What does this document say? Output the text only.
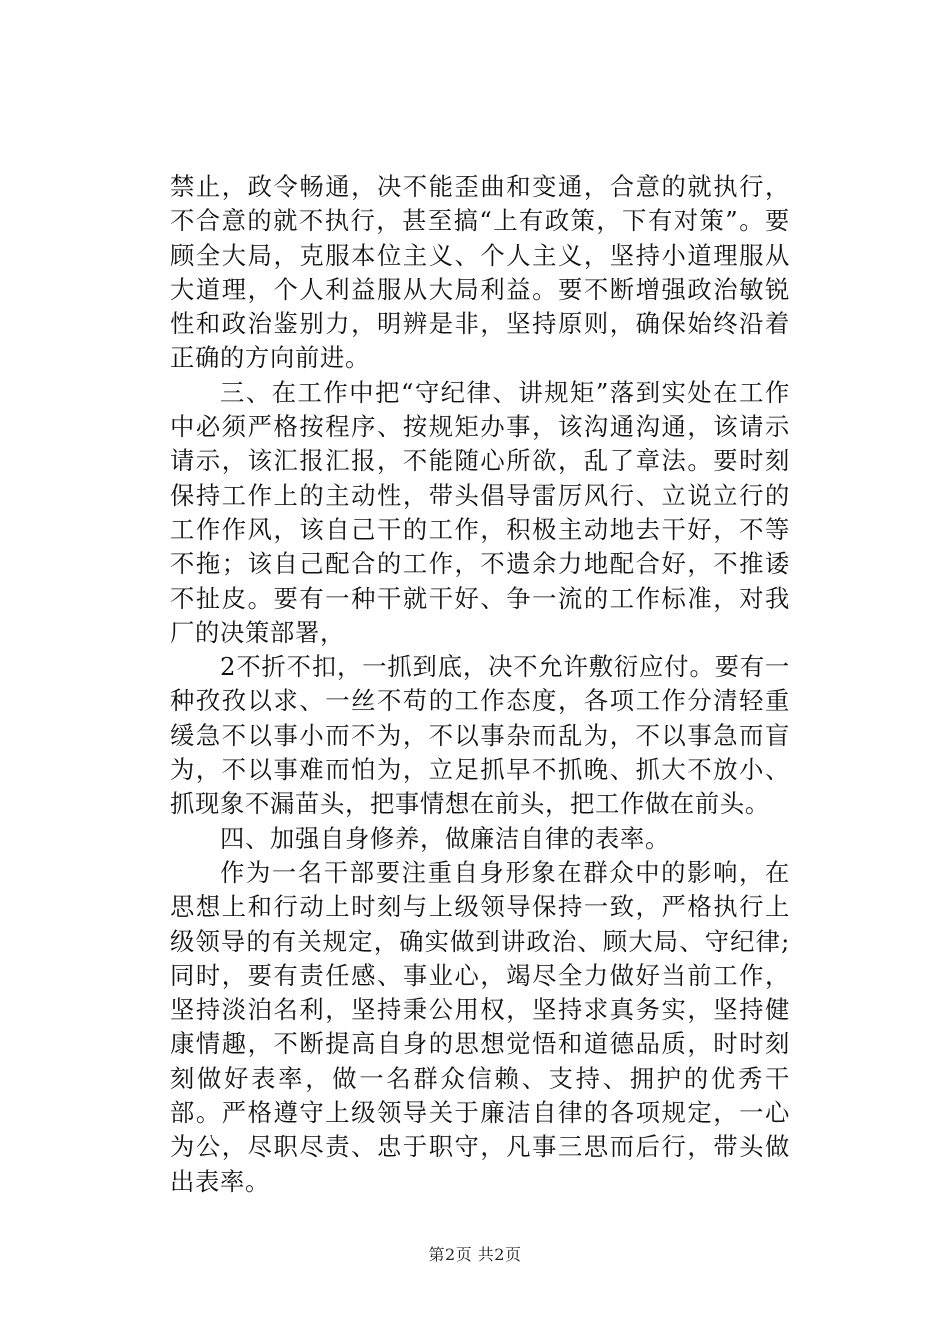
禁止，政令畅通，决不能歪曲和变通，合意的就执行，不合意的就不执行，甚至搞“上有政策，下有对策”。要顾全大局，克服本位主义、个人主义，坚持小道理服从大道理，个人利益服从大局利益。要不断增强政治敏锐性和政治鉴别力，明辨是非，坚持原则，确保始终沿着正确的方向前进。

三、在工作中把“守纪律、讲规矩”落到实处在工作中必须严格按程序、按规矩办事，该沟通沟通，该请示请示，该汇报汇报，不能随心所欲，乱了章法。要时刻保持工作上的主动性，带头倡导雷厉风行、立说立行的工作作风，该自己干的工作，积极主动地去干好，不等不拖；该自己配合的工作，不遗余力地配合好，不推诿不扯皮。要有一种干就干好、争一流的工作标准，对我厂的决策部署，

2不折不扣，一抓到底，决不允许敷衍应付。要有一种孜孜以求、一丝不苟的工作态度，各项工作分清轻重缓急不以事小而不为，不以事杂而乱为，不以事急而盲为，不以事难而怕为，立足抓早不抓晚、抓大不放小、抓现象不漏苗头，把事情想在前头，把工作做在前头。

四、加强自身修养，做廉洁自律的表率。

作为一名干部要注重自身形象在群众中的影响，在思想上和行动上时刻与上级领导保持一致，严格执行上级领导的有关规定，确实做到讲政治、顾大局、守纪律;同时，要有责任感、事业心，竭尽全力做好当前工作，坚持淡泊名利，坚持秉公用权，坚持求真务实，坚持健康情趣，不断提高自身的思想觉悟和道德品质，时时刻刻做好表率，做一名群众信赖、支持、拥护的优秀干部。严格遵守上级领导关于廉洁自律的各项规定，一心为公，尽职尽责、忠于职守，凡事三思而后行，带头做出表率。

第2页 共2页
